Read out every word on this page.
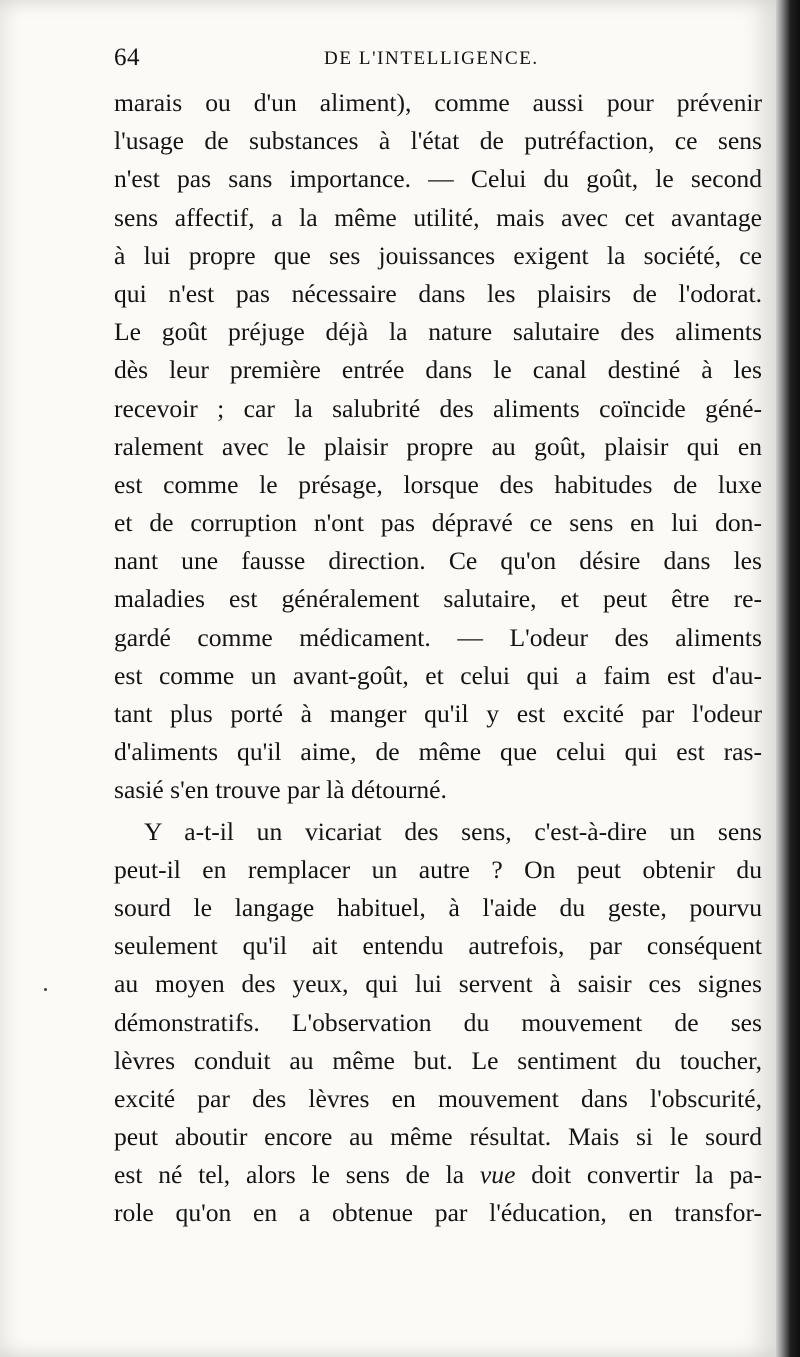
64	DE L'INTELLIGENCE.
marais ou d'un aliment), comme aussi pour prévenir
l'usage de substances à l'état de putréfaction, ce sens
n'est pas sans importance. — Celui du goût, le second
sens affectif, a la même utilité, mais avec cet avantage
à lui propre que ses jouissances exigent la société, ce
qui n'est pas nécessaire dans les plaisirs de l'odorat.
Le goût préjuge déjà la nature salutaire des aliments
dès leur première entrée dans le canal destiné à les
recevoir ; car la salubrité des aliments coïncide géné-
ralement avec le plaisir propre au goût, plaisir qui en
est comme le présage, lorsque des habitudes de luxe
et de corruption n'ont pas dépravé ce sens en lui don-
nant une fausse direction. Ce qu'on désire dans les
maladies est généralement salutaire, et peut être re-
gardé comme médicament. — L'odeur des aliments
est comme un avant-goût, et celui qui a faim est d'au-
tant plus porté à manger qu'il y est excité par l'odeur
d'aliments qu'il aime, de même que celui qui est ras-
sasié s'en trouve par là détourné.
Y a-t-il un vicariat des sens, c'est-à-dire un sens
peut-il en remplacer un autre ? On peut obtenir du
sourd le langage habituel, à l'aide du geste, pourvu
seulement qu'il ait entendu autrefois, par conséquent
au moyen des yeux, qui lui servent à saisir ces signes
démonstratifs. L'observation du mouvement de ses
lèvres conduit au même but. Le sentiment du toucher,
excité par des lèvres en mouvement dans l'obscurité,
peut aboutir encore au même résultat. Mais si le sourd
est né tel, alors le sens de la vue doit convertir la pa-
role qu'on en a obtenue par l'éducation, en transfor-
